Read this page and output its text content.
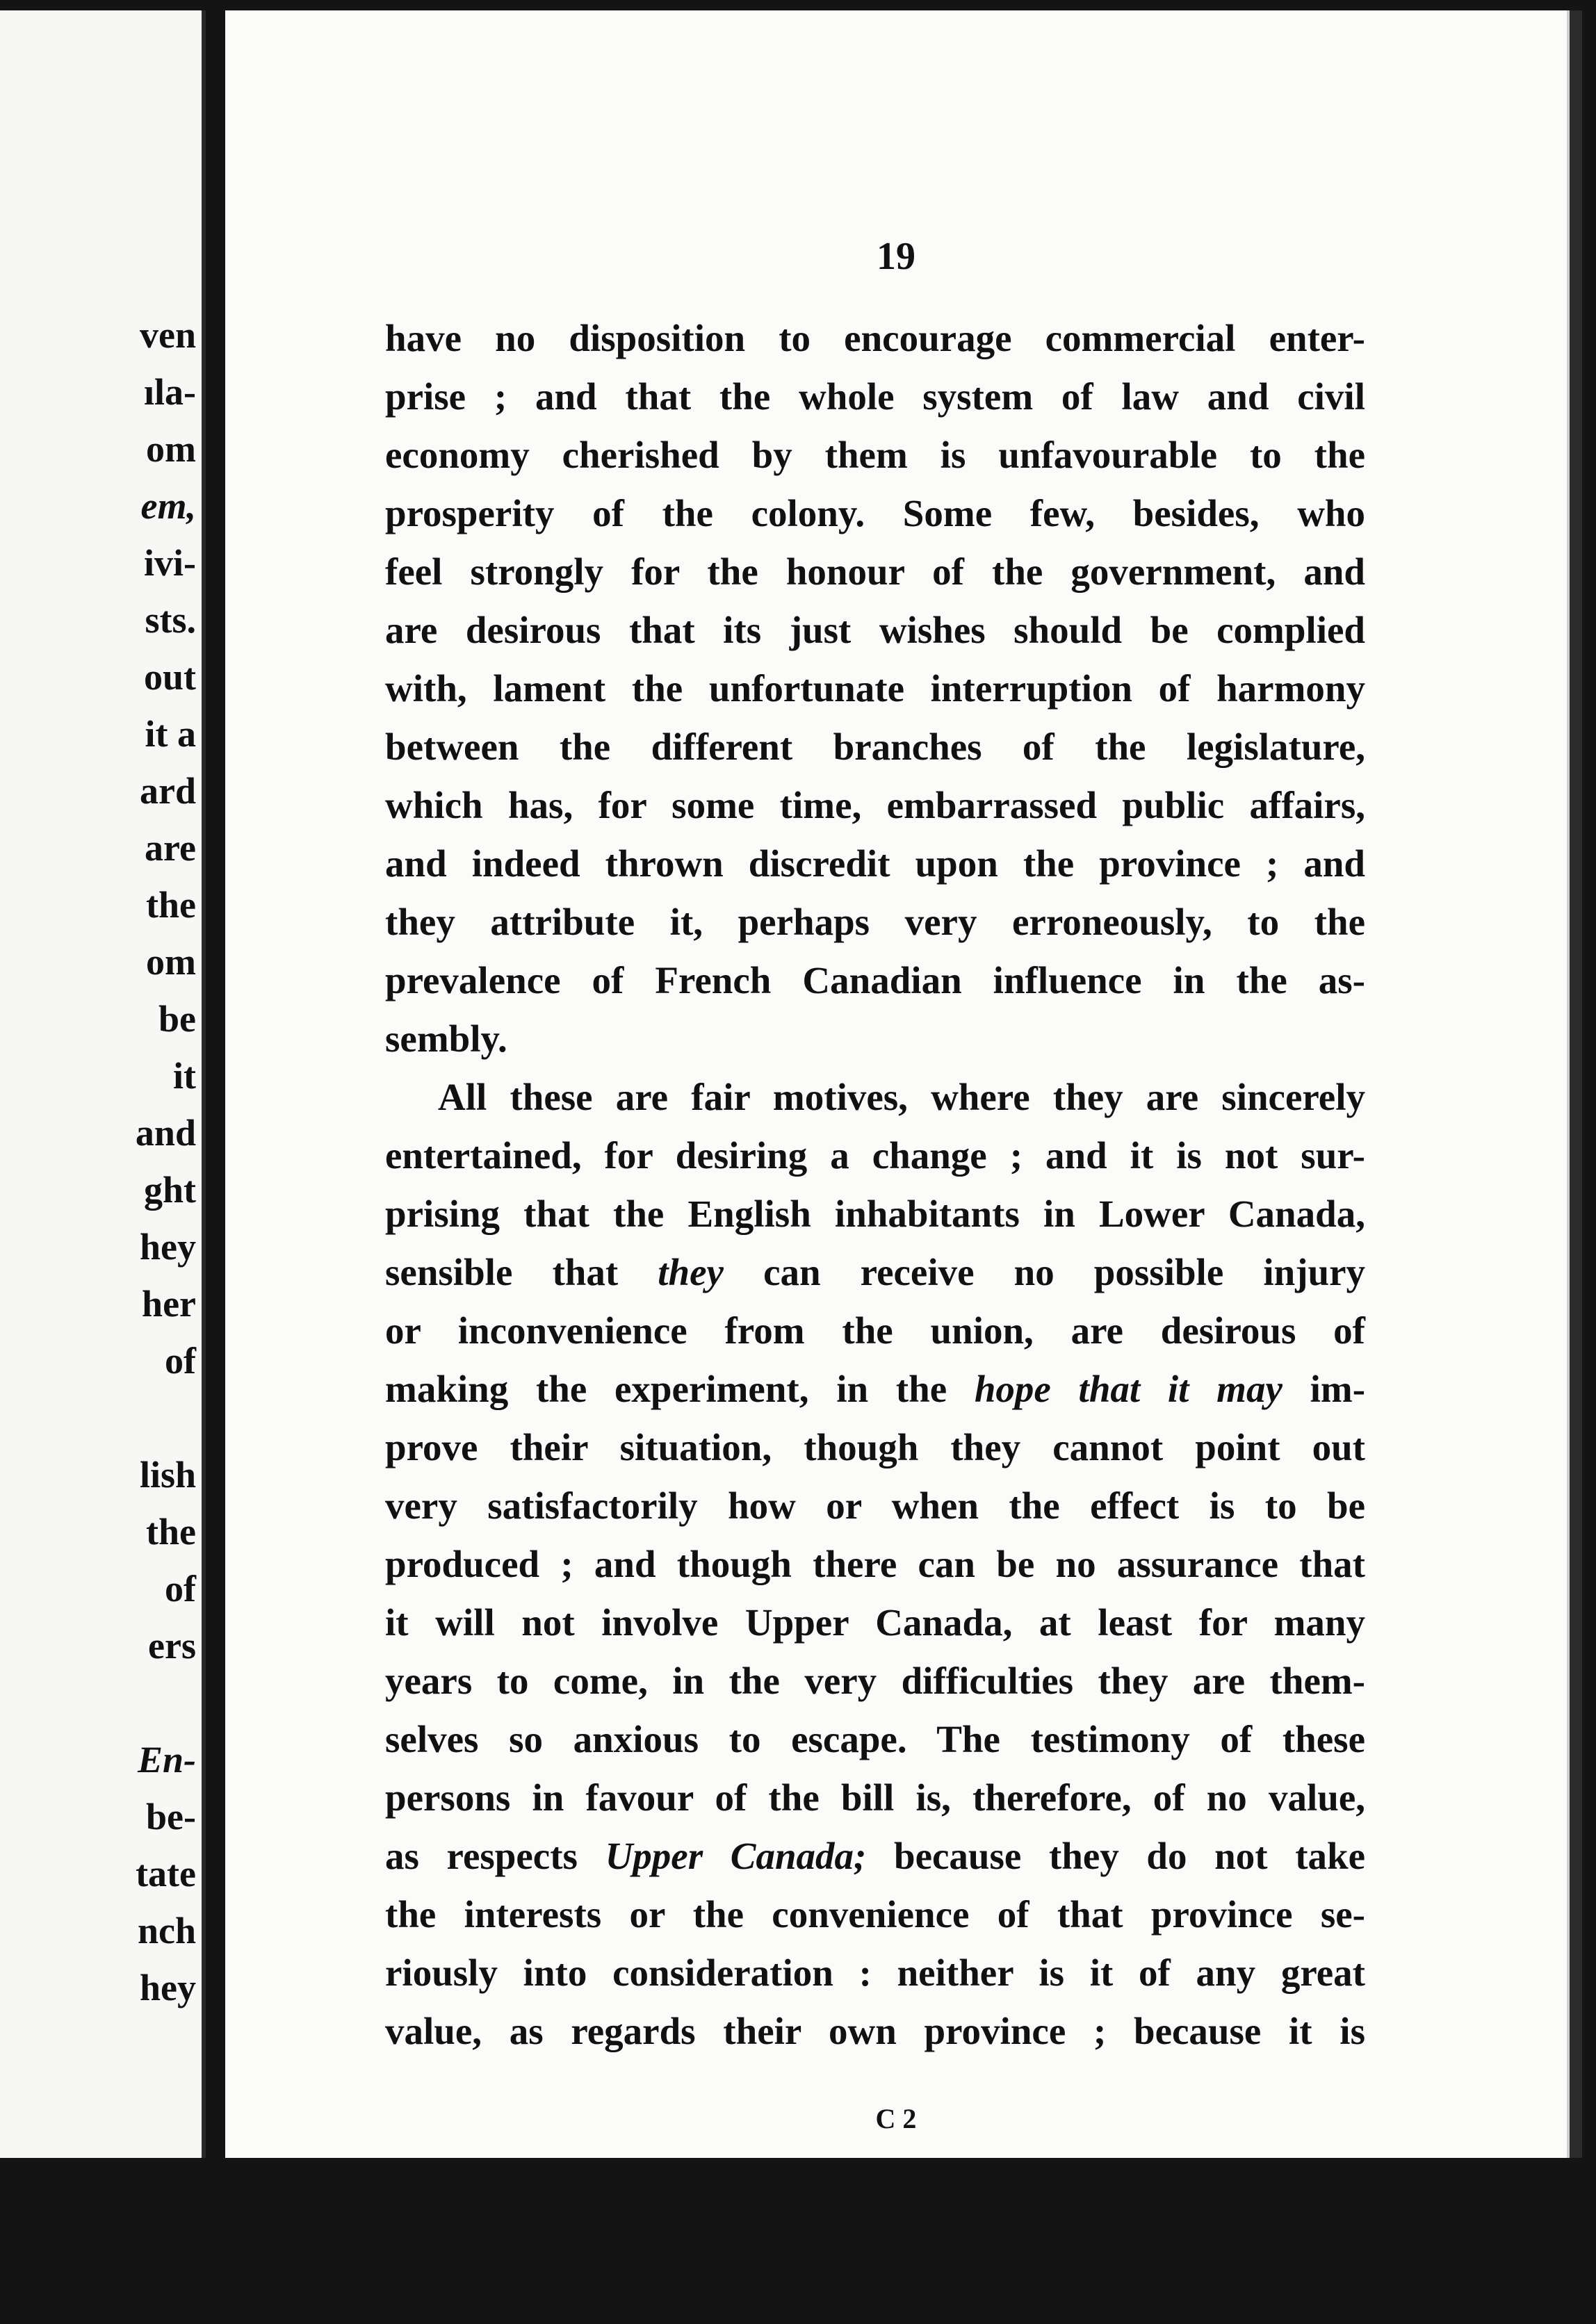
ven
ıla-
om
em,
ivi-
sts.
out
it a
ard
are
the
om
be
it
and
ght
hey
her
of
lish
the
of
ers
En-
be-
tate
nch
hey
19
have no disposition to encourage commercial enter-
prise ; and that the whole system of law and civil
economy cherished by them is unfavourable to the
prosperity of the colony. Some few, besides, who
feel strongly for the honour of the government, and
are desirous that its just wishes should be complied
with, lament the unfortunate interruption of harmony
between the different branches of the legislature,
which has, for some time, embarrassed public affairs,
and indeed thrown discredit upon the province ; and
they attribute it, perhaps very erroneously, to the
prevalence of French Canadian influence in the as-
sembly.
All these are fair motives, where they are sincerely
entertained, for desiring a change ; and it is not sur-
prising that the English inhabitants in Lower Canada,
sensible that they can receive no possible injury
or inconvenience from the union, are desirous of
making the experiment, in the hope that it may im-
prove their situation, though they cannot point out
very satisfactorily how or when the effect is to be
produced ; and though there can be no assurance that
it will not involve Upper Canada, at least for many
years to come, in the very difficulties they are them-
selves so anxious to escape. The testimony of these
persons in favour of the bill is, therefore, of no value,
as respects Upper Canada; because they do not take
the interests or the convenience of that province se-
riously into consideration : neither is it of any great
value, as regards their own province ; because it is
C 2
